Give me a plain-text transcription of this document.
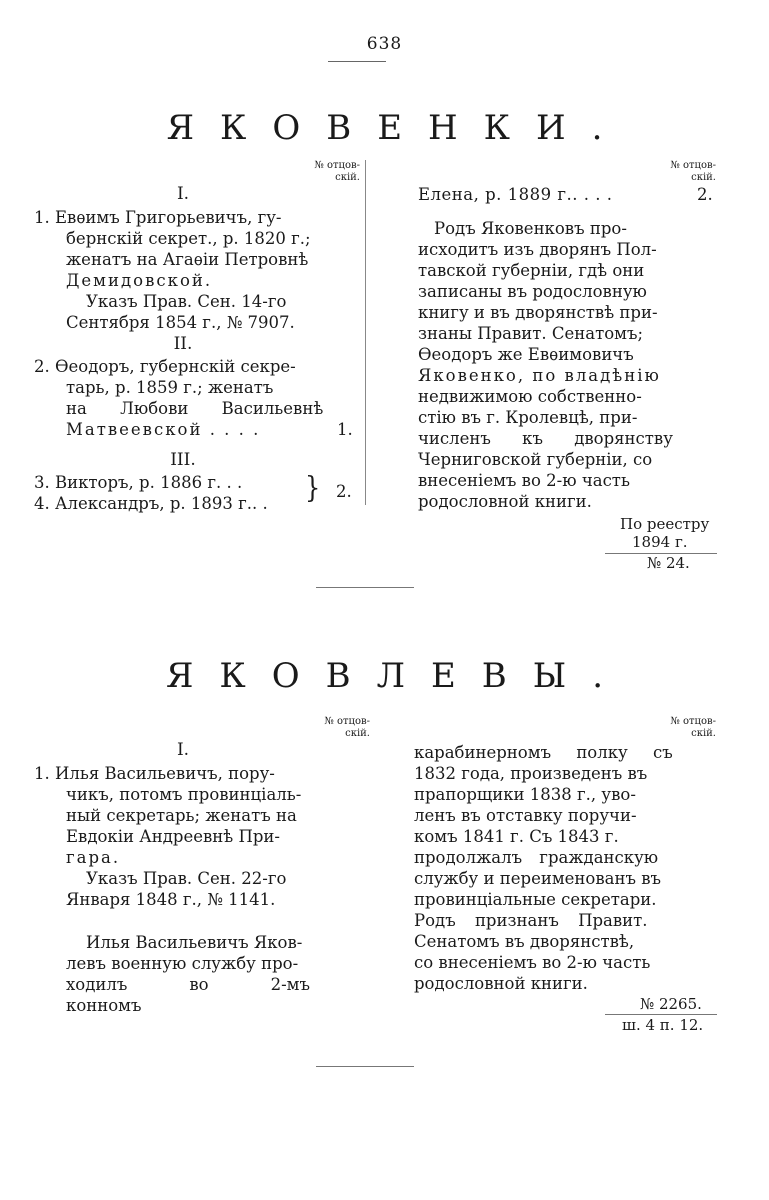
638
ЯКОВЕНКИ.
№ отцов-
скій.
№ отцов-
скій.
I.
1. Евѳимъ Григорьевичъ, гу-
бернскій секрет., р. 1820 г.;
женатъ на Агаѳіи Петровнѣ
Демидовской.
Указъ Прав. Сен. 14-го
Сентября 1854 г., № 7907.
II.
2. Ѳеодоръ, губернскій секре-
тарь, р. 1859 г.; женатъ
на Любови Васильевнѣ
Матвеевской . . . .	1.
III.
3. Викторъ, р. 1886 г. . .
4. Александръ, р. 1893 г.. . } 2.
Елена, р. 1889 г.. . . .	2.
Родъ Яковенковъ про-
исходитъ изъ дворянъ Пол-
тавской губерніи, гдѣ они
записаны въ родословную
книгу и въ дворянствѣ при-
знаны Правит. Сенатомъ;
Ѳеодоръ же Евѳимовичъ
Яковенко, по владѣнію
недвижимою собственно-
стію въ г. Кролевцѣ, при-
численъ къ дворянству
Черниговской губерніи, со
внесеніемъ во 2-ю часть
родословной книги.
По реестру
1894 г.
№ 24.
ЯКОВЛЕВЫ.
№ отцов-
скій.
№ отцов-
скій.
I.
1. Илья Васильевичъ, пору-
чикъ, потомъ провинціаль-
ный секретарь; женатъ на
Евдокіи Андреевнѣ При-
гара.
Указъ Прав. Сен. 22-го
Января 1848 г., № 1141.
Илья Васильевичъ Яков-
левъ военную службу про-
ходилъ во 2-мъ конномъ
карабинерномъ полку съ
1832 года, произведенъ въ
прапорщики 1838 г., уво-
ленъ въ отставку поручи-
комъ 1841 г. Съ 1843 г.
продолжалъ гражданскую
службу и переименованъ въ
провинціальные секретари.
Родъ признанъ Правит.
Сенатомъ въ дворянствѣ,
со внесеніемъ во 2-ю часть
родословной книги.
№ 2265.
ш. 4 п. 12.
